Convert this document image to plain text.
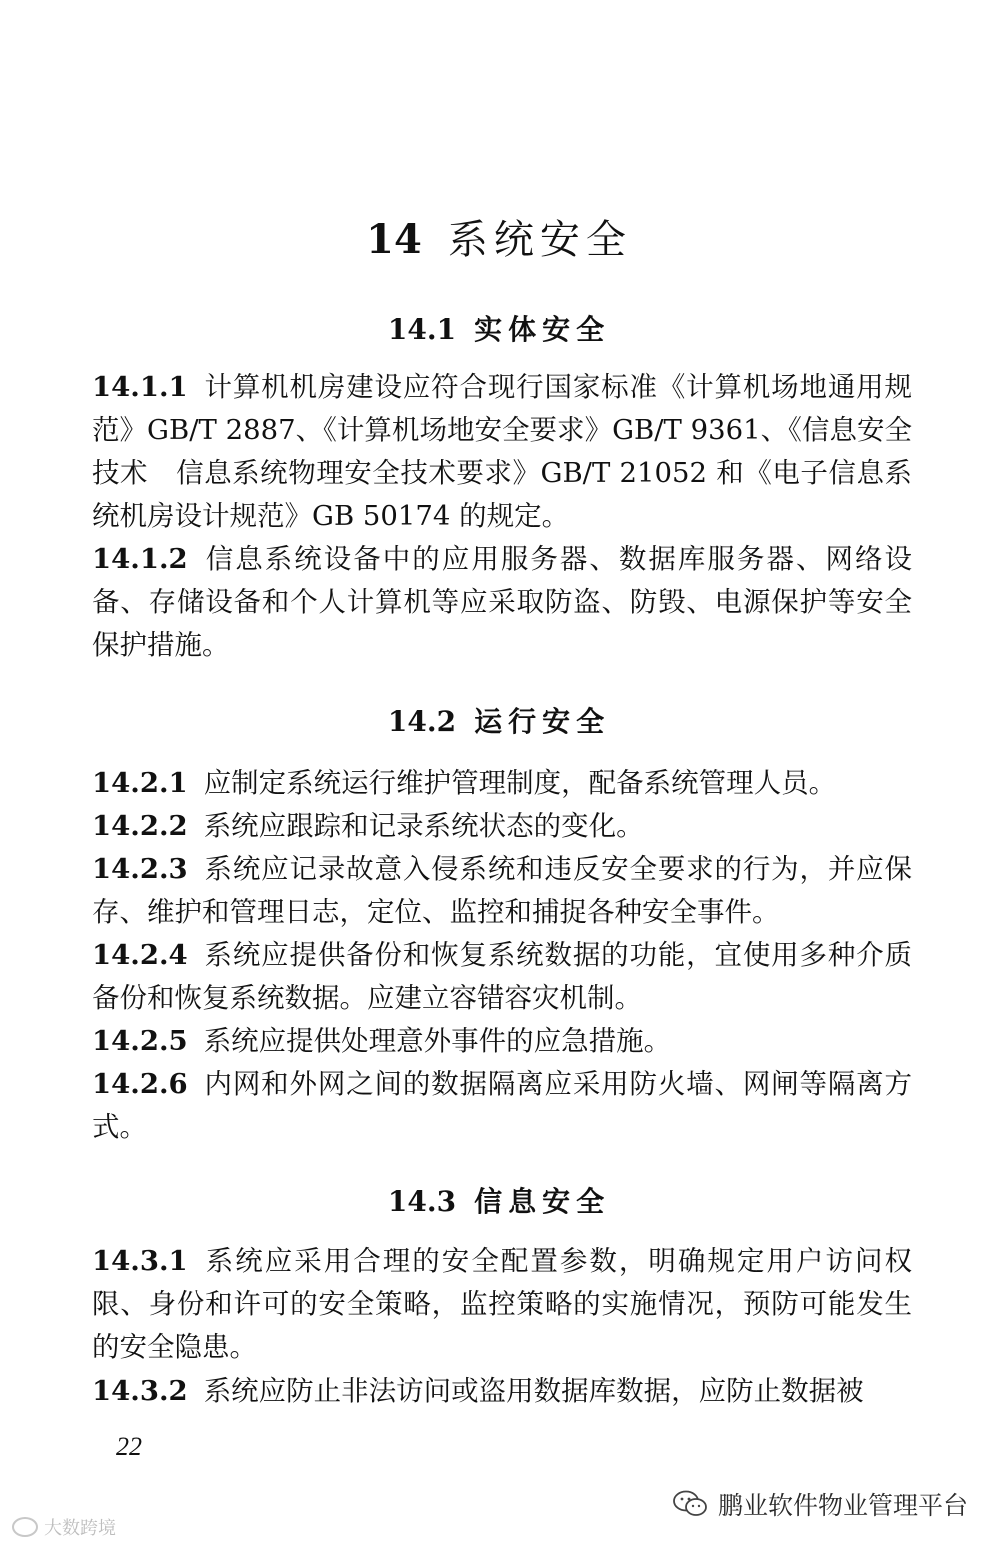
14 系统安全
14.1 实体安全
14.1.1 计算机机房建设应符合现行国家标准《计算机场地通用规范》GB/T 2887、《计算机场地安全要求》GB/T 9361、《信息安全技术　信息系统物理安全技术要求》GB/T 21052 和《电子信息系统机房设计规范》GB 50174 的规定。
14.1.2 信息系统设备中的应用服务器、数据库服务器、网络设备、存储设备和个人计算机等应采取防盗、防毁、电源保护等安全保护措施。
14.2 运行安全
14.2.1 应制定系统运行维护管理制度，配备系统管理人员。
14.2.2 系统应跟踪和记录系统状态的变化。
14.2.3 系统应记录故意入侵系统和违反安全要求的行为，并应保存、维护和管理日志，定位、监控和捕捉各种安全事件。
14.2.4 系统应提供备份和恢复系统数据的功能，宜使用多种介质备份和恢复系统数据。应建立容错容灾机制。
14.2.5 系统应提供处理意外事件的应急措施。
14.2.6 内网和外网之间的数据隔离应采用防火墙、网闸等隔离方式。
14.3 信息安全
14.3.1 系统应采用合理的安全配置参数，明确规定用户访问权限、身份和许可的安全策略，监控策略的实施情况，预防可能发生的安全隐患。
14.3.2 系统应防止非法访问或盗用数据库数据，应防止数据被
22
大数跨境
鹏业软件物业管理平台
